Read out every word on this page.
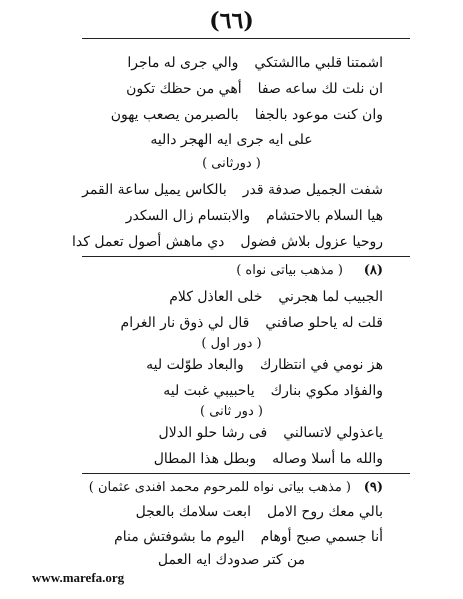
(٦٦)
اشمتنا قلبي ماالشتكي
والي جرى له ماجرا
ان نلت لك ساعه صفا
أهي من حظك تكون
وان كنت موعود بالجفا
بالصبرمن يصعب يهون
على ايه جرى ايه الهجر داليه
( دورثانى )
شفت الجميل صدفة قدر
بالكاس يميل ساعة القمر
هيا السلام بالاحتشام
والابتسام زال السكدر
روحيا عزول بلاش فضول
دي ماهش أصول تعمل كدا
( مذهب بياتى نواه ) (٨)
الجبيب لما هجرني
خلى العاذل كلام
قلت له ياحلو صافني
قال لي ذوق نار الغرام
( دور اول )
هز نومي في انتظارك
والبعاد طوّلت ليه
والفؤاد مكوي بنارك
ياحبيبي غبت ليه
( دور ثانى )
ياعذولي لاتسالني
فى رشا حلو الدلال
والله ما أسلا وصاله
وبطل هذا المطال
(٩)
( مذهب بياتى نواه للمرحوم محمد افندى عثمان )
بالي معك روح الامل
ابعت سلامك بالعجل
أنا جسمي صبح أوهام
اليوم ما بشوفتش منام
من كتر صدودك ايه العمل
www.marefa.org
